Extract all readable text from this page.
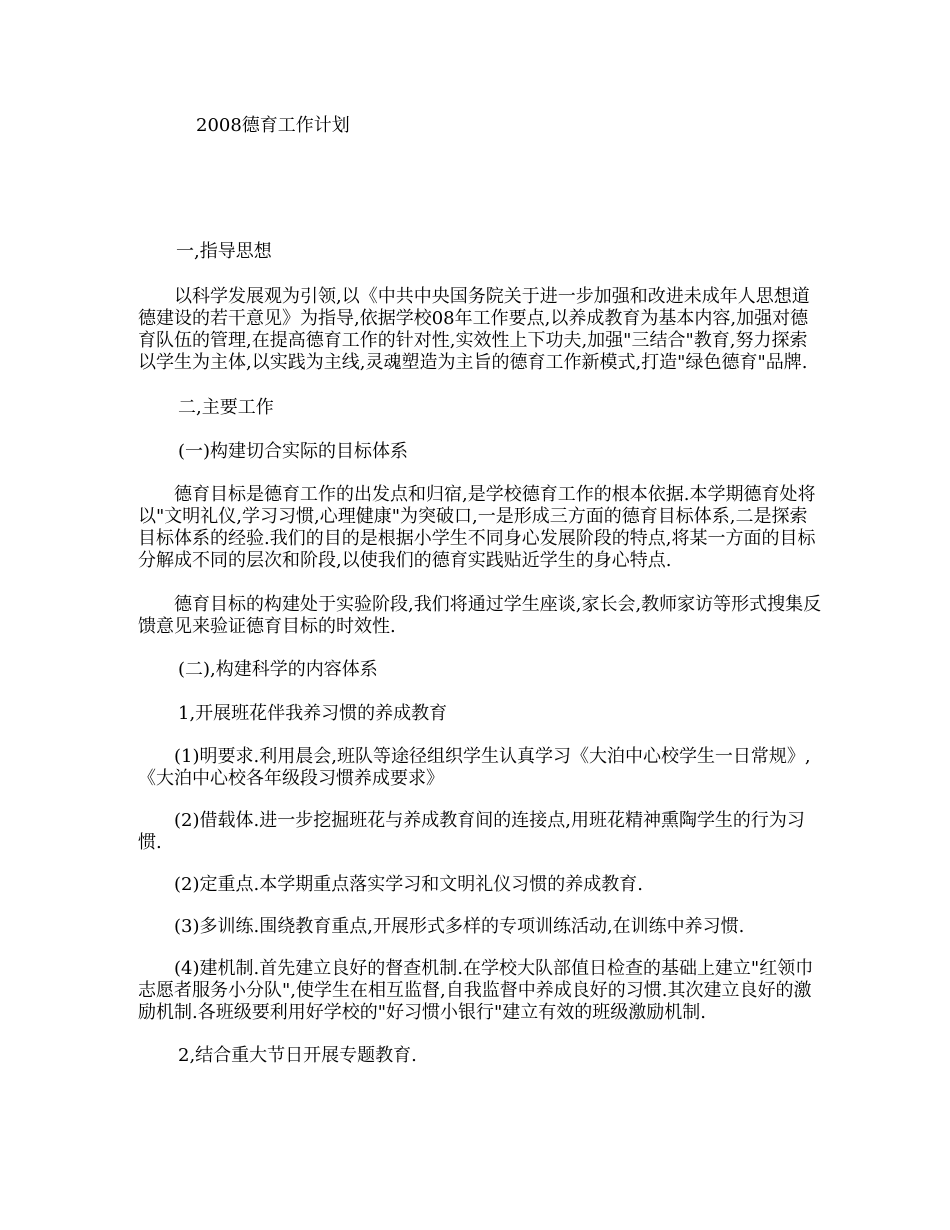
2008德育工作计划

一,指导思想

以科学发展观为引领,以《中共中央国务院关于进一步加强和改进未成年人思想道德建设的若干意见》为指导,依据学校08年工作要点,以养成教育为基本内容,加强对德育队伍的管理,在提高德育工作的针对性,实效性上下功夫,加强"三结合"教育,努力探索以学生为主体,以实践为主线,灵魂塑造为主旨的德育工作新模式,打造"绿色德育"品牌.

二,主要工作

(一)构建切合实际的目标体系

德育目标是德育工作的出发点和归宿,是学校德育工作的根本依据.本学期德育处将以"文明礼仪,学习习惯,心理健康"为突破口,一是形成三方面的德育目标体系,二是探索目标体系的经验.我们的目的是根据小学生不同身心发展阶段的特点,将某一方面的目标分解成不同的层次和阶段,以使我们的德育实践贴近学生的身心特点.

德育目标的构建处于实验阶段,我们将通过学生座谈,家长会,教师家访等形式搜集反馈意见来验证德育目标的时效性.

(二),构建科学的内容体系

1,开展班花伴我养习惯的养成教育

(1)明要求.利用晨会,班队等途径组织学生认真学习《大泊中心校学生一日常规》,《大泊中心校各年级段习惯养成要求》

(2)借载体.进一步挖掘班花与养成教育间的连接点,用班花精神熏陶学生的行为习惯.

(2)定重点.本学期重点落实学习和文明礼仪习惯的养成教育.

(3)多训练.围绕教育重点,开展形式多样的专项训练活动,在训练中养习惯.

(4)建机制.首先建立良好的督查机制.在学校大队部值日检查的基础上建立"红领巾志愿者服务小分队",使学生在相互监督,自我监督中养成良好的习惯.其次建立良好的激励机制.各班级要利用好学校的"好习惯小银行"建立有效的班级激励机制.

2,结合重大节日开展专题教育.
